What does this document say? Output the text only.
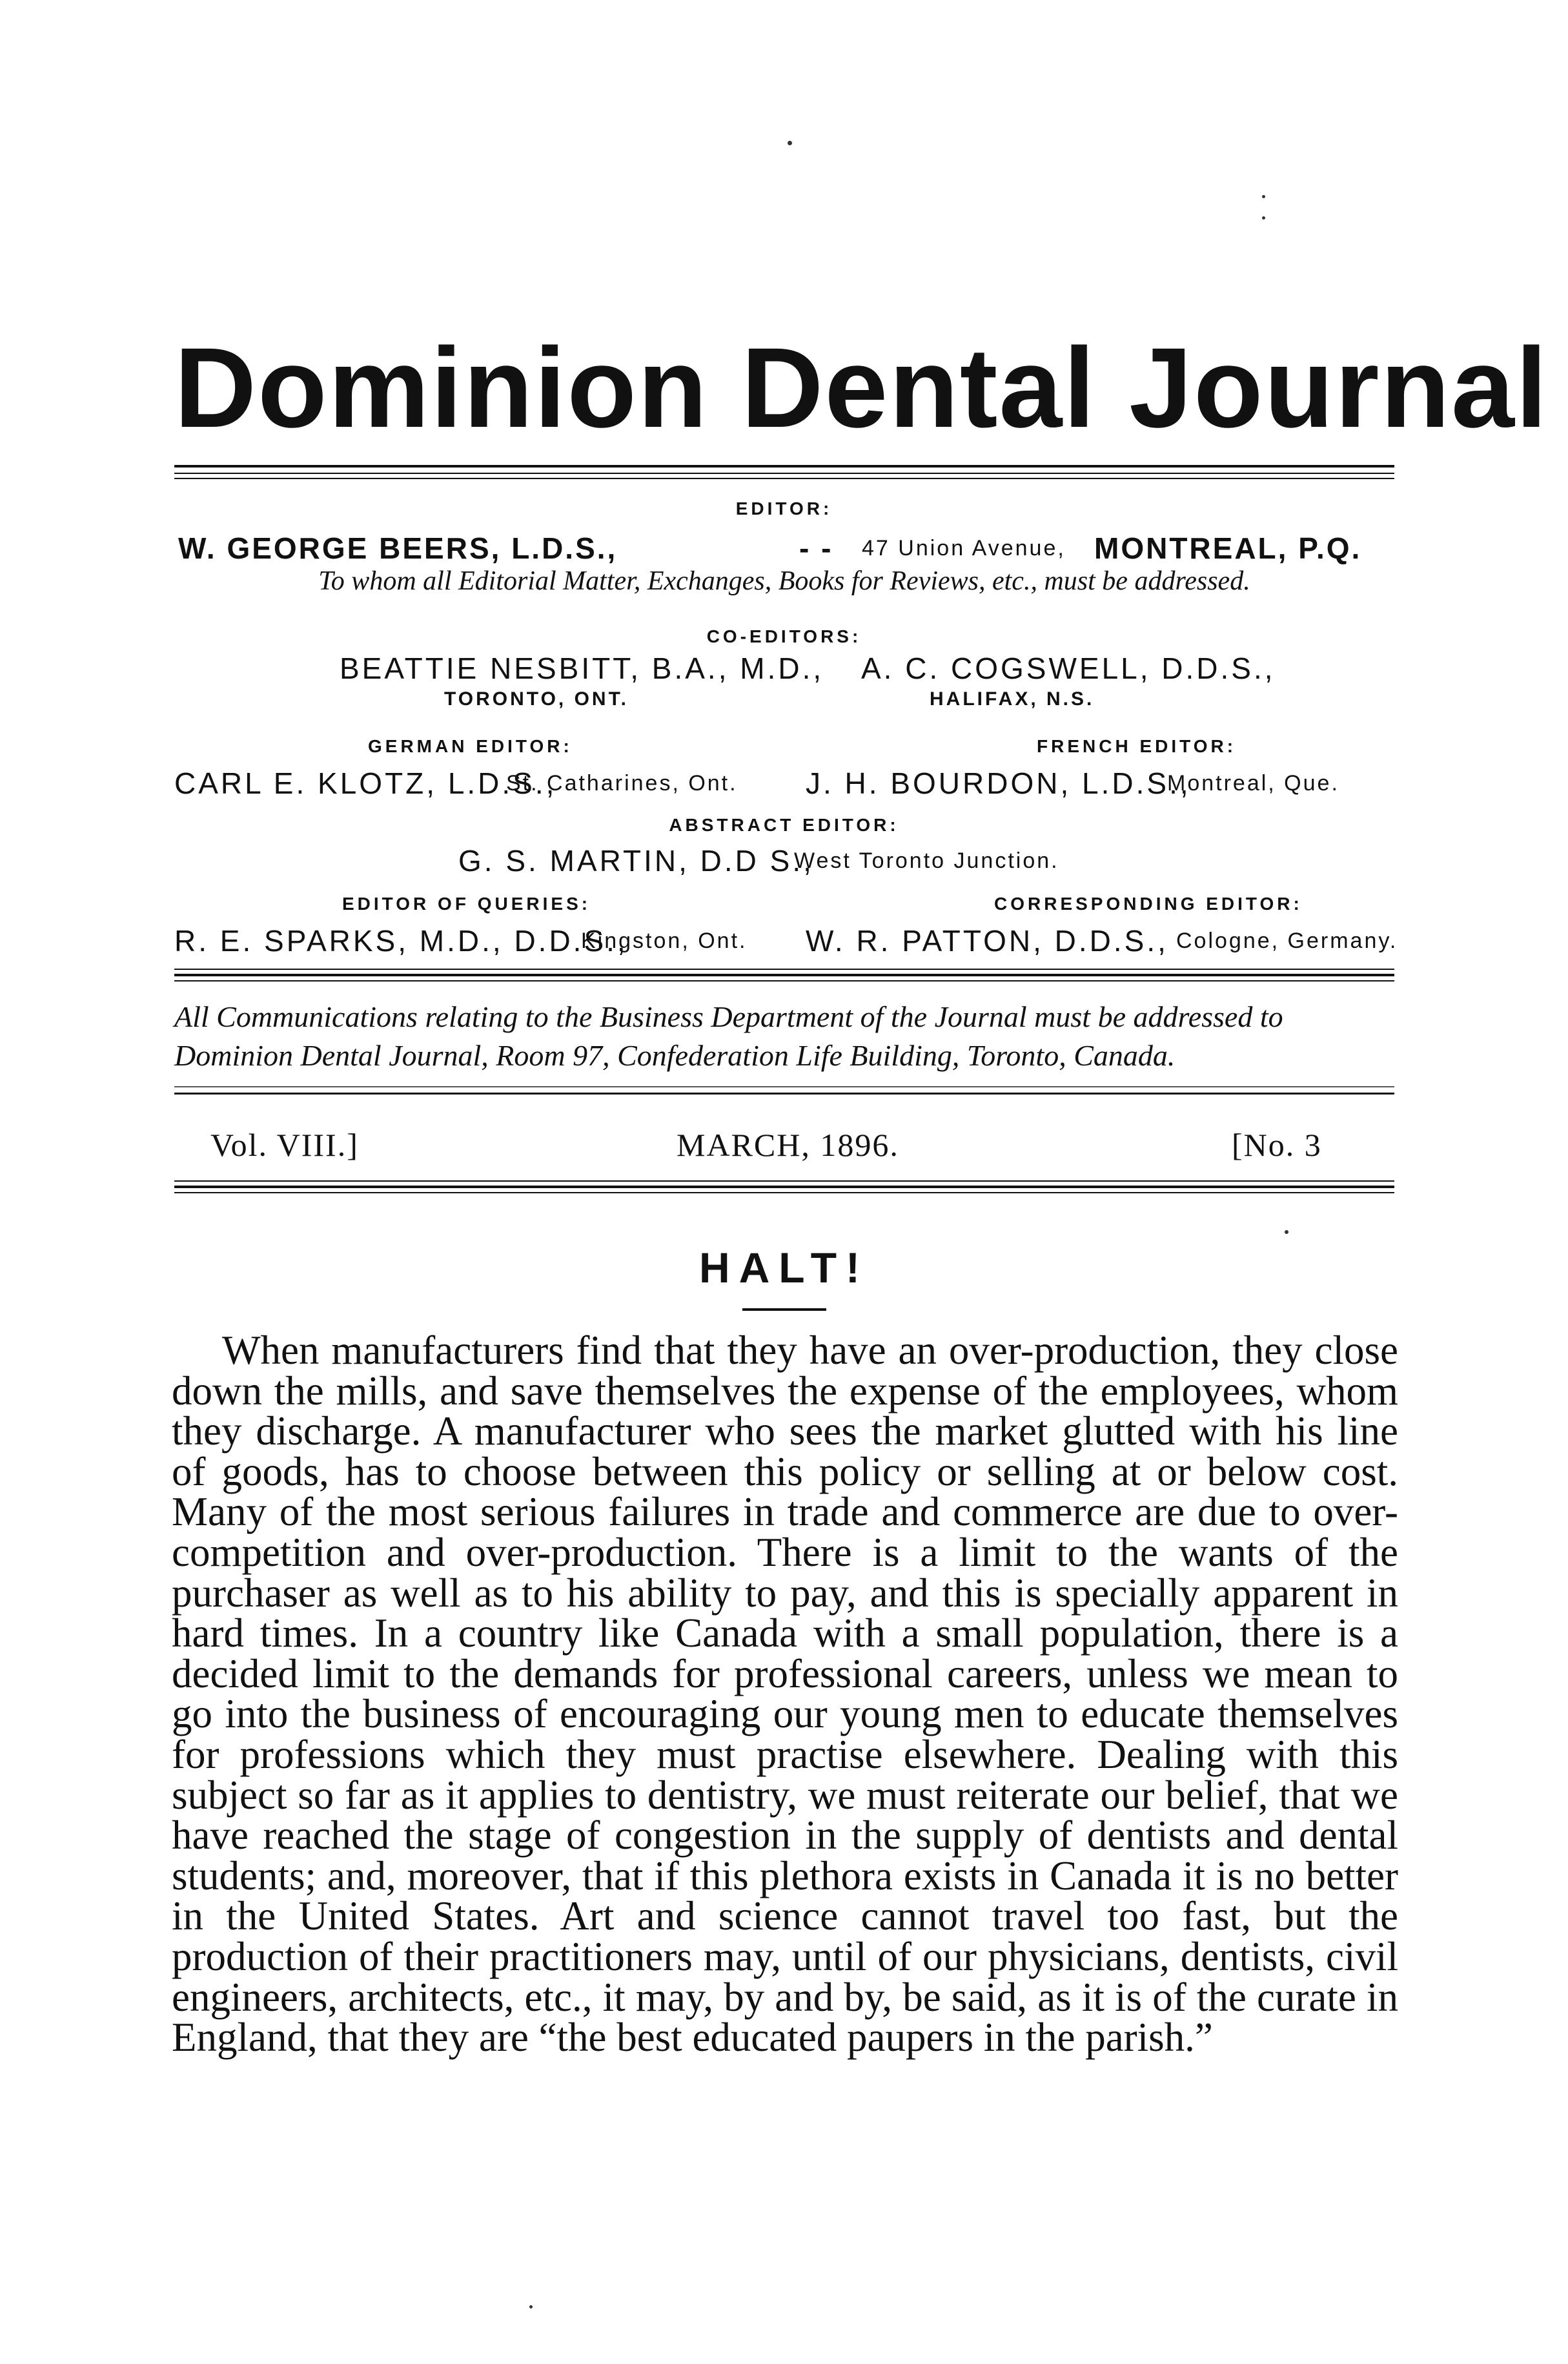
Dominion Dental Journal
EDITOR:
W. GEORGE BEERS, L.D.S.,	- - 47 Union Avenue, MONTREAL, P.Q.
To whom all Editorial Matter, Exchanges, Books for Reviews, etc., must be addressed.
CO-EDITORS:
BEATTIE NESBITT, B.A., M.D.,
TORONTO, ONT.
A. C. COGSWELL, D.D.S.,
HALIFAX, N.S.
GERMAN EDITOR:
CARL E. KLOTZ, L.D.S.,
St. Catharines, Ont.
FRENCH EDITOR:
J. H. BOURDON, L.D.S.,
Montreal, Que.
ABSTRACT EDITOR:
G. S. MARTIN, D.D S.,
West Toronto Junction.
EDITOR OF QUERIES:
R. E. SPARKS, M.D., D.D.S.,
Kingston, Ont.
CORRESPONDING EDITOR:
W. R. PATTON, D.D.S., Cologne, Germany.
All Communications relating to the Business Department of the Journal must be addressed to Dominion Dental Journal, Room 97, Confederation Life Building, Toronto, Canada.
Vol. VIII.]	MARCH, 1896.	[No. 3
HALT!

When manufacturers find that they have an over-production, they close down the mills, and save themselves the expense of the employees, whom they discharge. A manufacturer who sees the market glutted with his line of goods, has to choose between this policy or selling at or below cost. Many of the most serious failures in trade and commerce are due to over-competition and over-production. There is a limit to the wants of the purchaser as well as to his ability to pay, and this is specially apparent in hard times. In a country like Canada with a small population, there is a decided limit to the demands for professional careers, unless we mean to go into the business of encouraging our young men to educate themselves for professions which they must practise elsewhere. Dealing with this subject so far as it applies to dentistry, we must reiterate our belief, that we have reached the stage of congestion in the supply of dentists and dental students; and, moreover, that if this plethora exists in Canada it is no better in the United States. Art and science cannot travel too fast, but the production of their practitioners may, until of our physicians, dentists, civil engineers, architects, etc., it may, by and by, be said, as it is of the curate in England, that they are “the best educated paupers in the parish.”
